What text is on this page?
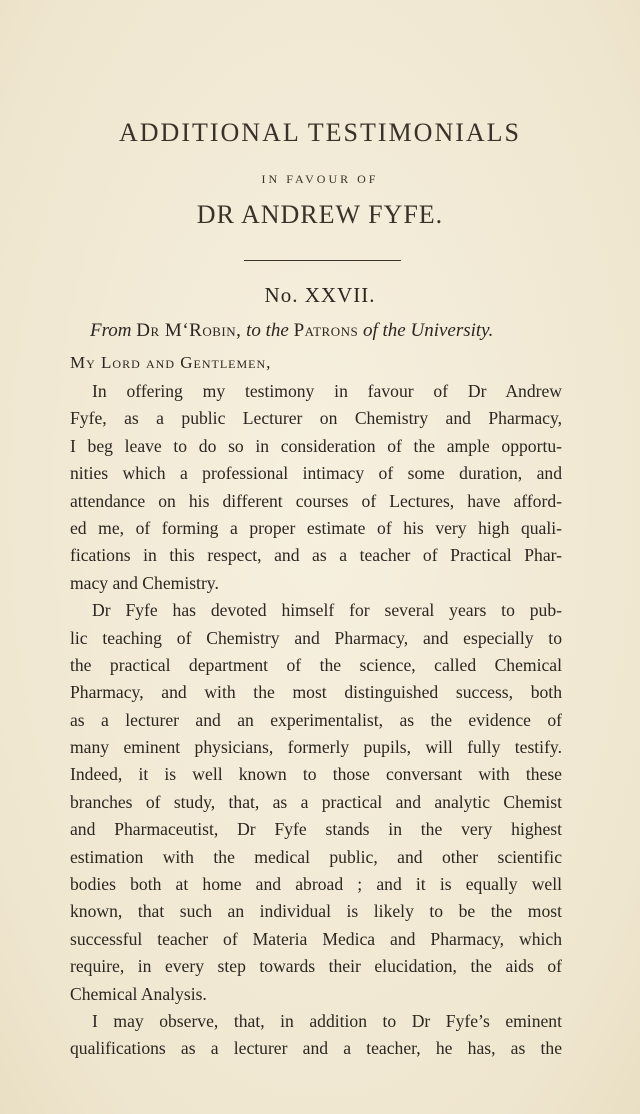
ADDITIONAL TESTIMONIALS
IN FAVOUR OF
DR ANDREW FYFE.
No. XXVII.
From Dr M‘Robin, to the Patrons of the University.
My Lord and Gentlemen,
In offering my testimony in favour of Dr Andrew
Fyfe, as a public Lecturer on Chemistry and Pharmacy,
I beg leave to do so in consideration of the ample opportu-
nities which a professional intimacy of some duration, and
attendance on his different courses of Lectures, have afford-
ed me, of forming a proper estimate of his very high quali-
fications in this respect, and as a teacher of Practical Phar-
macy and Chemistry.
Dr Fyfe has devoted himself for several years to pub-
lic teaching of Chemistry and Pharmacy, and especially to
the practical department of the science, called Chemical
Pharmacy, and with the most distinguished success, both
as a lecturer and an experimentalist, as the evidence of
many eminent physicians, formerly pupils, will fully testify.
Indeed, it is well known to those conversant with these
branches of study, that, as a practical and analytic Chemist
and Pharmaceutist, Dr Fyfe stands in the very highest
estimation with the medical public, and other scientific
bodies both at home and abroad ; and it is equally well
known, that such an individual is likely to be the most
successful teacher of Materia Medica and Pharmacy, which
require, in every step towards their elucidation, the aids of
Chemical Analysis.
I may observe, that, in addition to Dr Fyfe’s eminent
qualifications as a lecturer and a teacher, he has, as the
